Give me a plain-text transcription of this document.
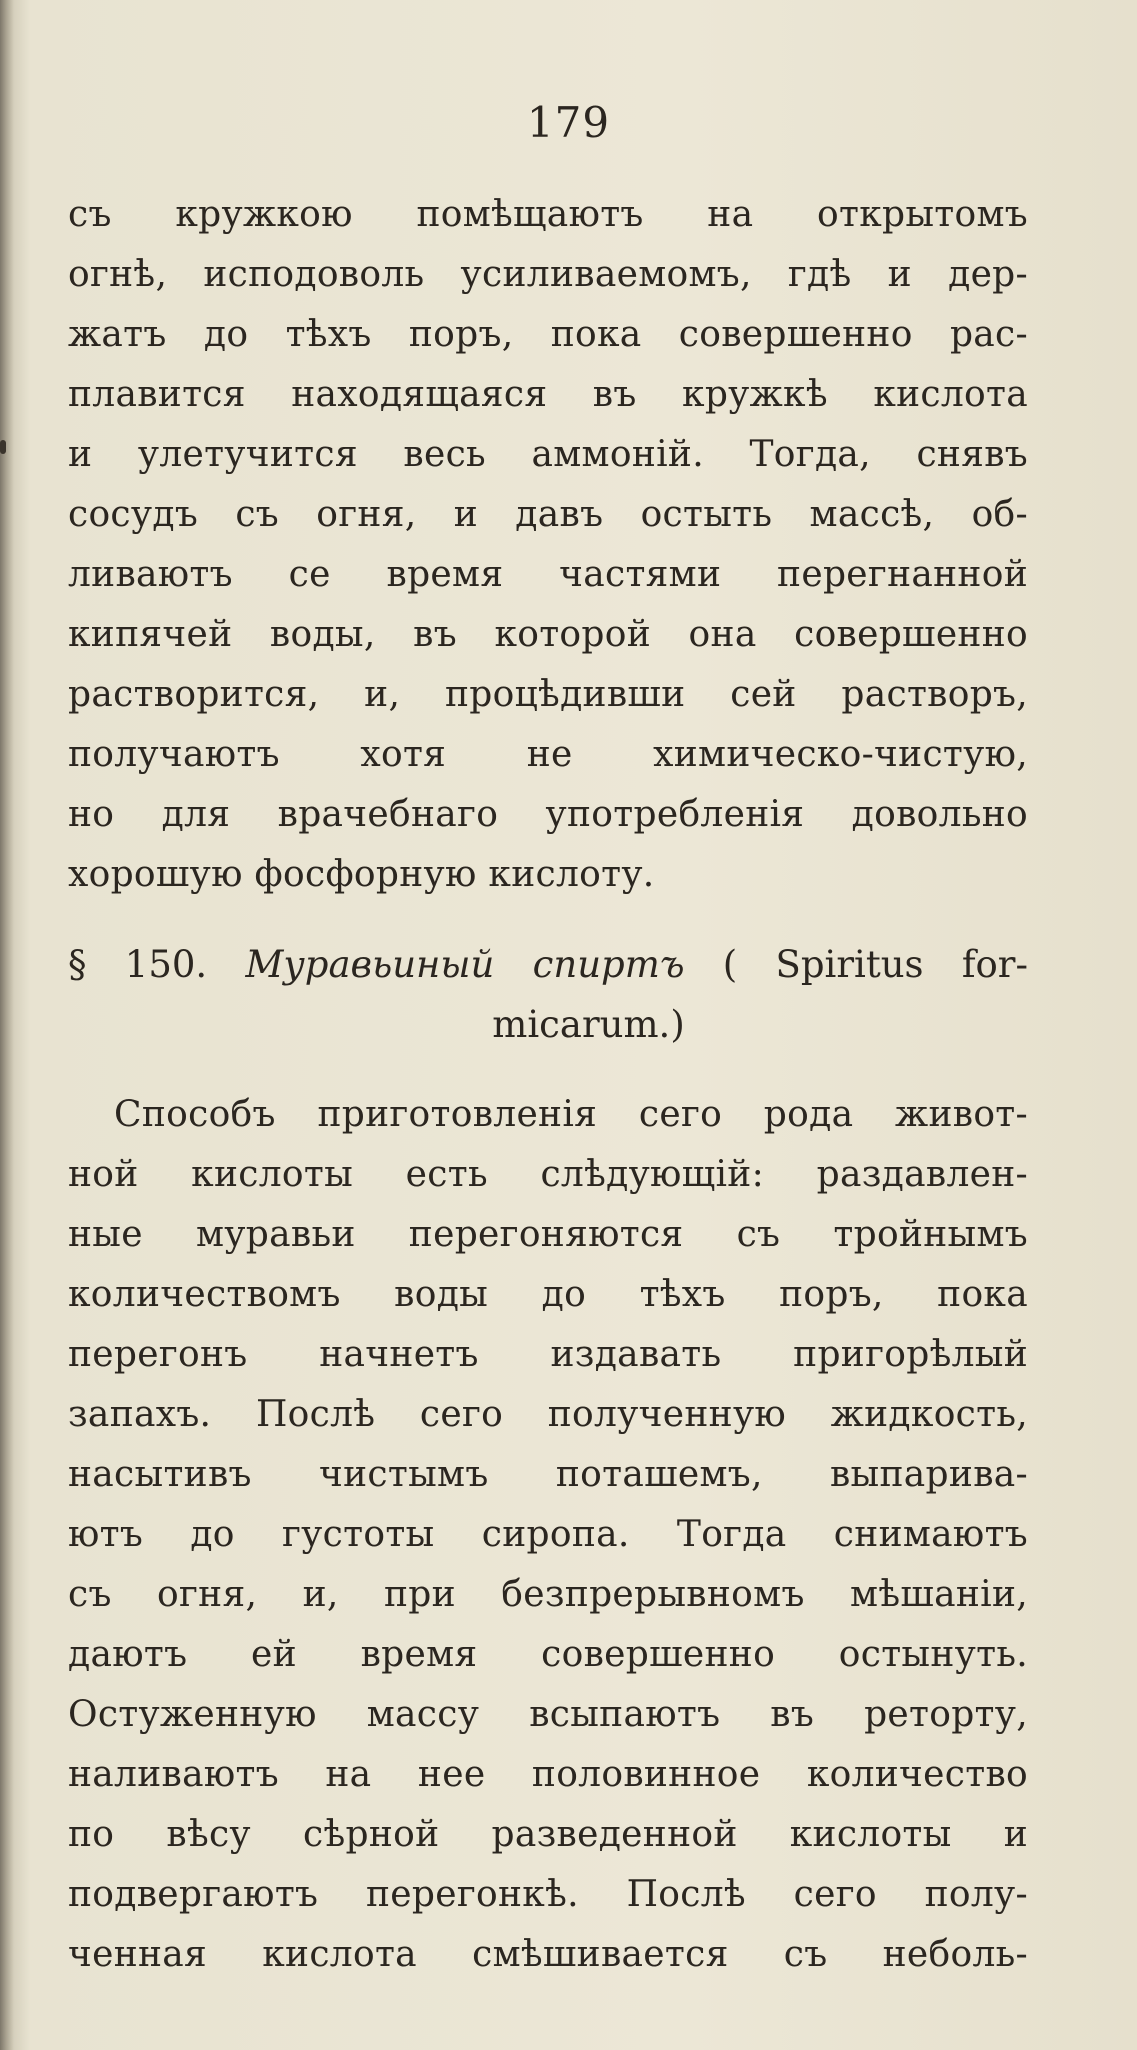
179
съ кружкою помѣщаютъ на открытомъ
огнѣ, исподоволь усиливаемомъ, гдѣ и дер-
жатъ до тѣхъ поръ, пока совершенно рас-
плавится находящаяся въ кружкѣ кислота
и улетучится весь аммоній. Тогда, снявъ
сосудъ съ огня, и давъ остыть массѣ, об-
ливаютъ се время частями перегнанной
кипячей воды, въ которой она совершенно
растворится, и, процѣдивши сей растворъ,
получаютъ хотя не химическо-чистую,
но для врачебнаго употребленія довольно
хорошую фосфорную кислоту.
§ 150. Муравьиный спиртъ ( Spiritus for-
micarum.)
Способъ приготовленія сего рода живот-
ной кислоты есть слѣдующій: раздавлен-
ные муравьи перегоняются съ тройнымъ
количествомъ воды до тѣхъ поръ, пока
перегонъ начнетъ издавать пригорѣлый
запахъ. Послѣ сего полученную жидкость,
насытивъ чистымъ поташемъ, выпарива-
ютъ до густоты сиропа. Тогда снимаютъ
съ огня, и, при безпрерывномъ мѣшаніи,
даютъ ей время совершенно остынуть.
Остуженную массу всыпаютъ въ реторту,
наливаютъ на нее половинное количество
по вѣсу сѣрной разведенной кислоты и
подвергаютъ перегонкѣ. Послѣ сего полу-
ченная кислота смѣшивается съ неболь-
